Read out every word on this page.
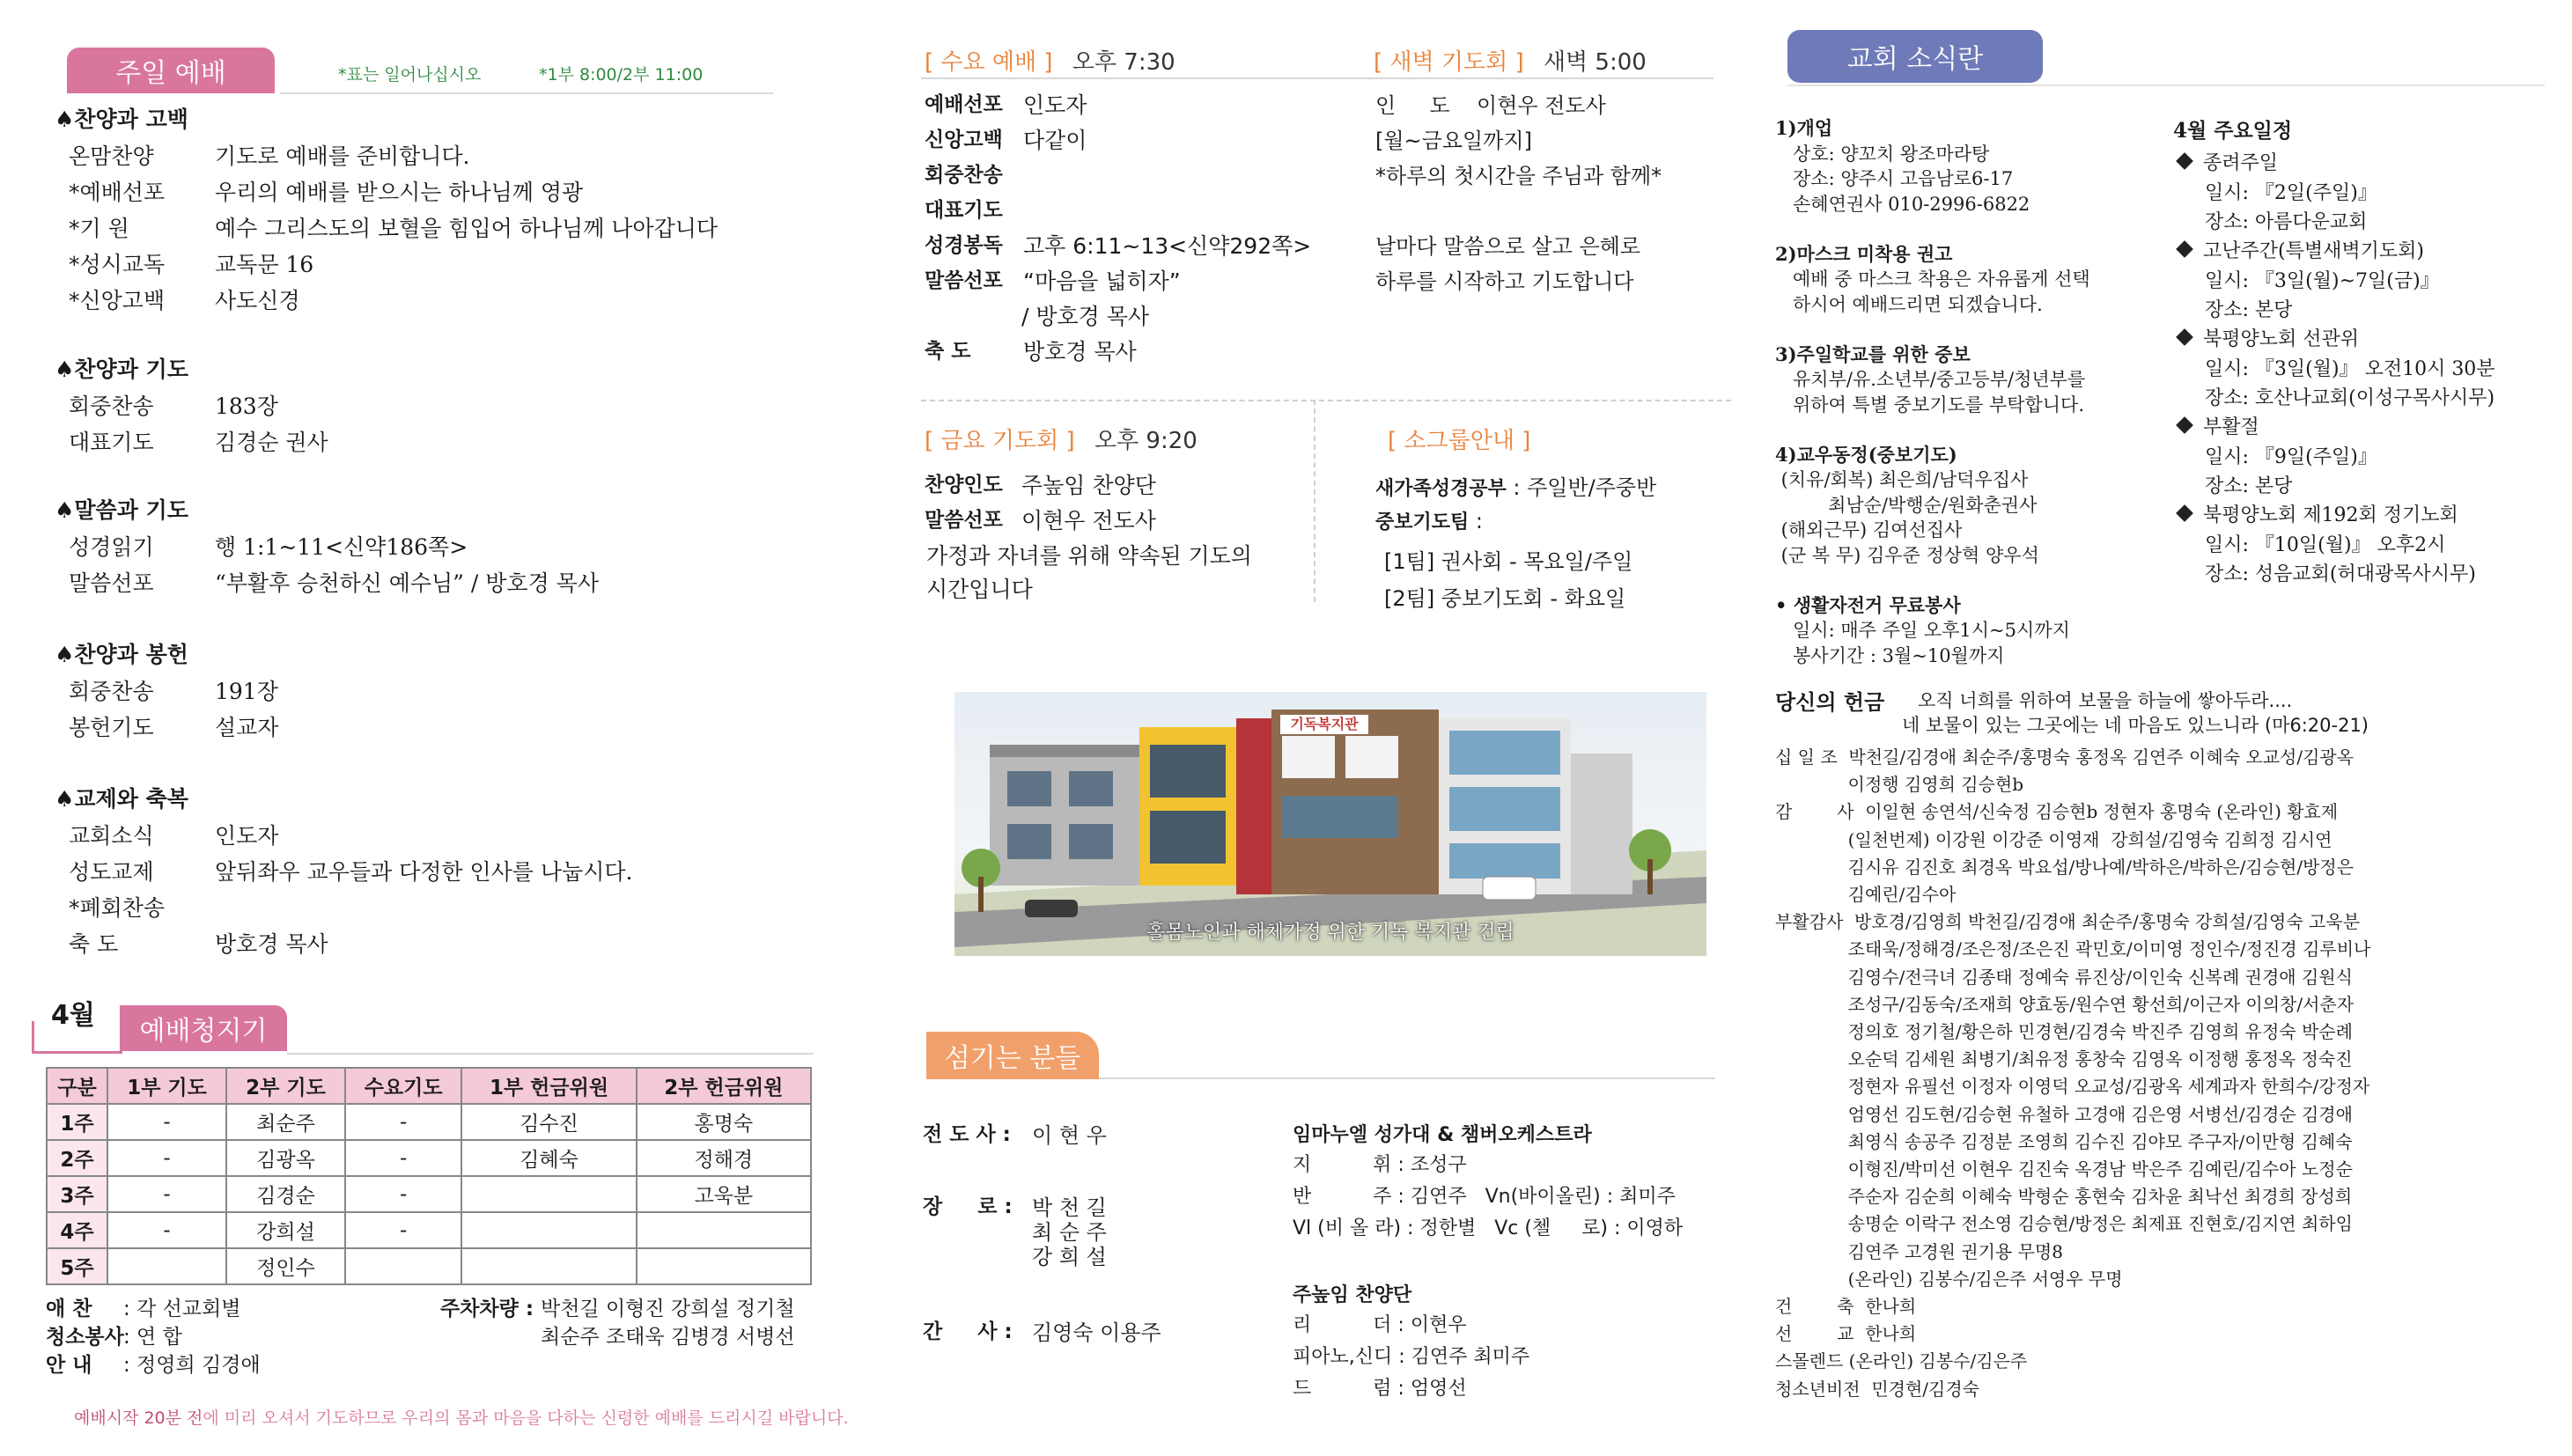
주일 예배	*표는 일어나십시오	*1부 8:00/2부 11:00
♠찬양과 고백
온맘찬양	기도로 예배를 준비합니다.
*예배선포 우리의 예배를 받으시는 하나님께 영광
*기 원	예수 그리스도의 보혈을 힘입어 하나님께 나아갑니다
*성시교독 교독문 16
*신앙고백 사도신경
♠찬양과 기도
회중찬송	183장
대표기도	김경순 권사
♠말씀과 기도
성경읽기	행 1:1~11<신약186쪽>
말씀선포	“부활후 승천하신 예수님” / 방호경 목사
♠찬양과 봉헌
회중찬송	191장
봉헌기도	설교자
♠교제와 축복
교회소식	인도자
성도교제	앞뒤좌우 교우들과 다정한 인사를 나눕시다.
*폐회찬송
축 도	방호경 목사
4월
예배청지기
구분	1부 기도	2부 기도	수요기도	1부 헌금위원	2부 헌금위원
1주	-	최순주	-	김수진	홍명숙
2주	-	김광옥	-	김혜숙	정해경
3주	-	김경순	-		고욱분
4주	-	강희설	-		
5주		정인수			
애 찬 : 각 선교회별
청소봉사 : 연 합
안 내 : 정영희 김경애
주차차량 : 박천길 이형진 강희설 정기철
최순주 조태욱 김병경 서병선
예배시작 20분 전에 미리 오셔서 기도하므로 우리의 몸과 마음을 다하는 신령한 예배를 드리시길 바랍니다.
[ 수요 예배 ] 오후 7:30	[ 새벽 기도회 ] 새벽 5:00
예배선포 인도자
신앙고백 다같이
회중찬송
대표기도
성경봉독 고후 6:11~13<신약292쪽>
말씀선포 “마음을 넓히자”
/ 방호경 목사
축 도 방호경 목사
인     도    이현우 전도사
[월~금요일까지]
*하루의 첫시간을 주님과 함께*
날마다 말씀으로 살고 은혜로
하루를 시작하고 기도합니다
[ 금요 기도회 ] 오후 9:20
찬양인도 주높임 찬양단
말씀선포 이현우 전도사
가정과 자녀를 위해 약속된 기도의
시간입니다
[ 소그룹안내 ]
새가족성경공부 : 주일반/주중반
중보기도팀 :
[1팀] 권사회 - 목요일/주일
[2팀] 중보기도회 - 화요일
기독복지관
홀몸노인과 해체가정 위한 기독 복지관 건립
섬기는 분들
전 도 사 : 이 현 우
장     로 : 박 천 길
최 순 주
강 희 설
간     사 : 김영숙 이용주
임마누엘 성가대 & 챔버오케스트라
지          휘 : 조성구
반          주 : 김연주   Vn(바이올린) : 최미주
Vl (비 올 라) : 정한별   Vc (첼     로) : 이영하
주높임 찬양단
리          더 : 이현우
피아노,신디 : 김연주 최미주
드          럼 : 엄영선
교회 소식란
1)개업
상호: 양꼬치 왕조마라탕
장소: 양주시 고읍남로6-17
손혜연권사 010-2996-6822
2)마스크 미착용 권고
예배 중 마스크 착용은 자유롭게 선택
하시어 예배드리면 되겠습니다.
3)주일학교를 위한 중보
유치부/유.소년부/중고등부/청년부를
위하여 특별 중보기도를 부탁합니다.
4)교우동정(중보기도)
(치유/회복) 최은희/남덕우집사
최남순/박행순/원화춘권사
(해외근무) 김여선집사
(군 복 무) 김우준 정상혁 양우석
• 생활자전거 무료봉사
일시: 매주 주일 오후1시~5시까지
봉사기간 : 3월~10월까지
4월 주요일정
종려주일
일시: 『2일(주일)』
장소: 아름다운교회
고난주간(특별새벽기도회)
일시: 『3일(월)~7일(금)』
장소: 본당
북평양노회 선관위
일시: 『3일(월)』 오전10시 30분
장소: 호산나교회(이성구목사시무)
부활절
일시: 『9일(주일)』
장소: 본당
북평양노회 제192회 정기노회
일시: 『10일(월)』 오후2시
장소: 성음교회(허대광목사시무)
당신의 헌금 오직 너희를 위하여 보물을 하늘에 쌓아두라....
네 보물이 있는 그곳에는 네 마음도 있느니라 (마6:20-21)
십 일 조  박천길/김경애 최순주/홍명숙 홍정옥 김연주 이혜숙 오교성/김광옥
이정행 김영희 김승현b
감        사  이일현 송연석/신숙정 김승현b 정현자 홍명숙 (온라인) 황효제
(일천번제) 이강원 이강준 이영재  강희설/김영숙 김희정 김시연
김시유 김진호 최경옥 박요섭/방나예/박하은/박하은/김승현/방정은
김예린/김수아
부활감사  방호경/김영희 박천길/김경애 최순주/홍명숙 강희설/김영숙 고욱분
조태욱/정해경/조은정/조은진 곽민호/이미영 정인수/정진경 김루비나
김영수/전극녀 김종태 정예숙 류진상/이인숙 신복례 권경애 김원식
조성구/김동숙/조재희 양효동/원수연 황선희/이근자 이의창/서춘자
정의호 정기철/황은하 민경현/김경숙 박진주 김영희 유정숙 박순례
오순덕 김세원 최병기/최유정 홍창숙 김영옥 이정행 홍정옥 정숙진
정현자 유필선 이정자 이영덕 오교성/김광옥 세계과자 한희수/강정자
엄영선 김도현/김승현 유철하 고경애 김은영 서병선/김경순 김경애
최영식 송공주 김정분 조영희 김수진 김야모 주구자/이만형 김혜숙
이형진/박미선 이현우 김진숙 옥경남 박은주 김예린/김수아 노정순
주순자 김순희 이혜숙 박형순 홍현숙 김차윤 최낙선 최경희 장성희
송명순 이락구 전소영 김승현/방정은 최제표 진현호/김지연 최하임
김연주 고경원 권기용 무명8
(온라인) 김봉수/김은주 서영우 무명
건        축  한나희
선        교  한나희
스몰렌드 (온라인) 김봉수/김은주
청소년비전  민경현/김경숙
